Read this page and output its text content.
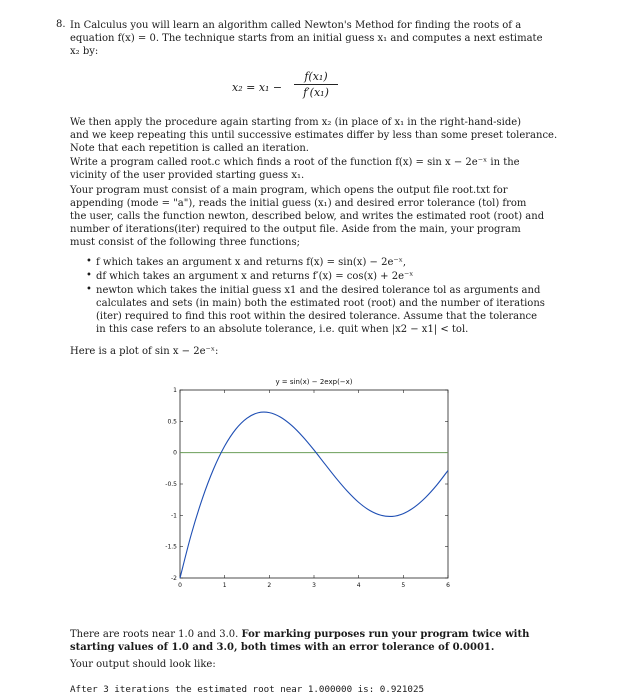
8. In Calculus you will learn an algorithm called Newton's Method for finding the roots of a
equation f(x) = 0. The technique starts from an initial guess x₁ and computes a next estimate
x₂ by:
$x_2 = x_1 - \frac{\text{f(x₁)}}{\text{f′(x₁)}}$
We then apply the procedure again starting from x₂ (in place of x₁ in the right-hand-side)
and we keep repeating this until successive estimates differ by less than some preset tolerance.
Note that each repetition is called an iteration.
Write a program called root.c which finds a root of the function f(x) = sin x − 2e⁻ˣ in the
vicinity of the user provided starting guess x₁.
Your program must consist of a main program, which opens the output file root.txt for
appending (mode = "a"), reads the initial guess (x₁) and desired error tolerance (tol) from
the user, calls the function newton, described below, and writes the estimated root (root) and
number of iterations(iter) required to the output file. Aside from the main, your program
must consist of the following three functions;
• f which takes an argument x and returns f(x) = sin(x) − 2e⁻ˣ,
• df which takes an argument x and returns f′(x) = cos(x) + 2e⁻ˣ
• newton which takes the initial guess x1 and the desired tolerance tol as arguments and
calculates and sets (in main) both the estimated root (root) and the number of iterations
(iter) required to find this root within the desired tolerance. Assume that the tolerance
in this case refers to an absolute tolerance, i.e. quit when |x2 − x1| < tol.
Here is a plot of sin x − 2e⁻ˣ:
y = sin(x) − 2exp(−x)
0	1	2	3	4	5	6
1
0.5
0
-0.5
-1
-1.5
-2
There are roots near 1.0 and 3.0. For marking purposes run your program twice with
starting values of 1.0 and 3.0, both times with an error tolerance of 0.0001.
Your output should look like:
After 3 iterations the estimated root near 1.000000 is: 0.921025
